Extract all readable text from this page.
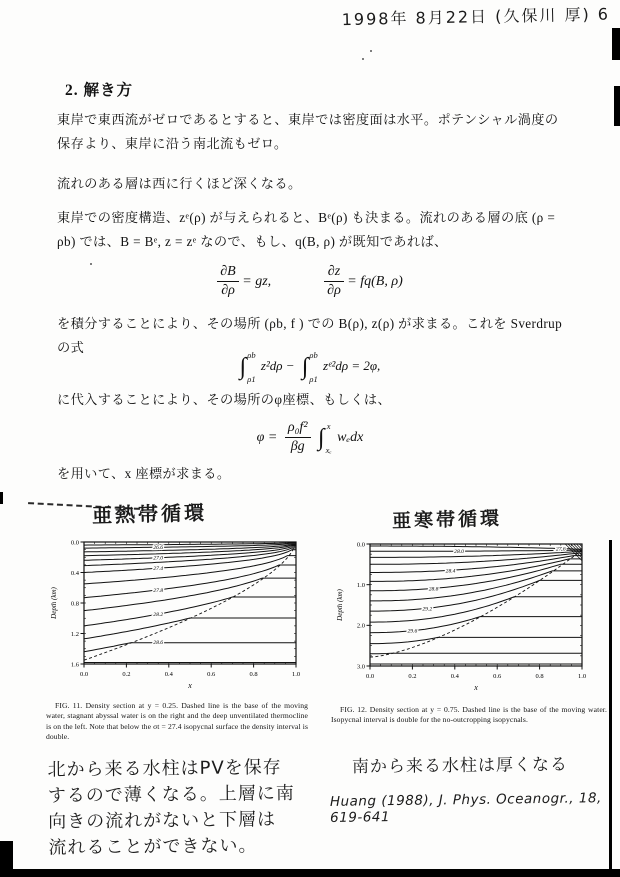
1998年 8月22日 (久保川 厚) 6
2. 解き方
東岸で東西流がゼロであるとすると、東岸では密度面は水平。ポテンシャル渦度の保存より、東岸に沿う南北流もゼロ。
流れのある層は西に行くほど深くなる。
東岸での密度構造、zᵉ(ρ) が与えられると、Bᵉ(ρ) も決まる。流れのある層の底 (ρ = ρb) では、B = Bᵉ, z = zᵉ なので、もし、q(B, ρ) が既知であれば、
$\frac{\partial B}{\partial\rho}$ = gz,	$\frac{\partial z}{\partial\rho} = fq(B$, ρ)
を積分することにより、その場所 (ρb, f ) での B(ρ), z(ρ) が求まる。これを Sverdrup の式
∫ ρb
ρ1
z²dρ − ∫ ρb
ρ1
zᵉ²dρ = 2φ,
に代入することにより、その場所のφ座標、もしくは、
$\varphi = \frac{\text{ρ₀f²}}{\beta g}$
∫ x
xₑ
wₑdx
を用いて、x 座標が求まる。
亜熱帯循環	亜寒帯循環
0.0	0.2	0.4	0.6	0.8	1.0
0.0
0.4
0.8
1.2
1.6
x
Depth (km)
26.6
27.0
27.4
27.8
28.2
28.6
0.0	0.2	0.4	0.6	0.8	1.0
0.0
1.0
2.0
3.0
x
Depth (km)
27.6
28.0
28.4
28.8
29.2
29.6
FIG. 11. Density section at y = 0.25. Dashed line is the base of the moving water, stagnant abyssal water is on the right and the deep unventilated thermocline is on the left. Note that below the σt = 27.4 isopycnal surface the density interval is double.
FIG. 12. Density section at y = 0.75. Dashed line is the base of the moving water. Isopycnal interval is double for the no-outcropping isopycnals.
北から来る水柱はPVを保存
するので薄くなる。上層に南
向きの流れがないと下層は
流れることができない。
南から来る水柱は厚くなる
Huang (1988), J. Phys. Oceanogr., 18, 619-641
